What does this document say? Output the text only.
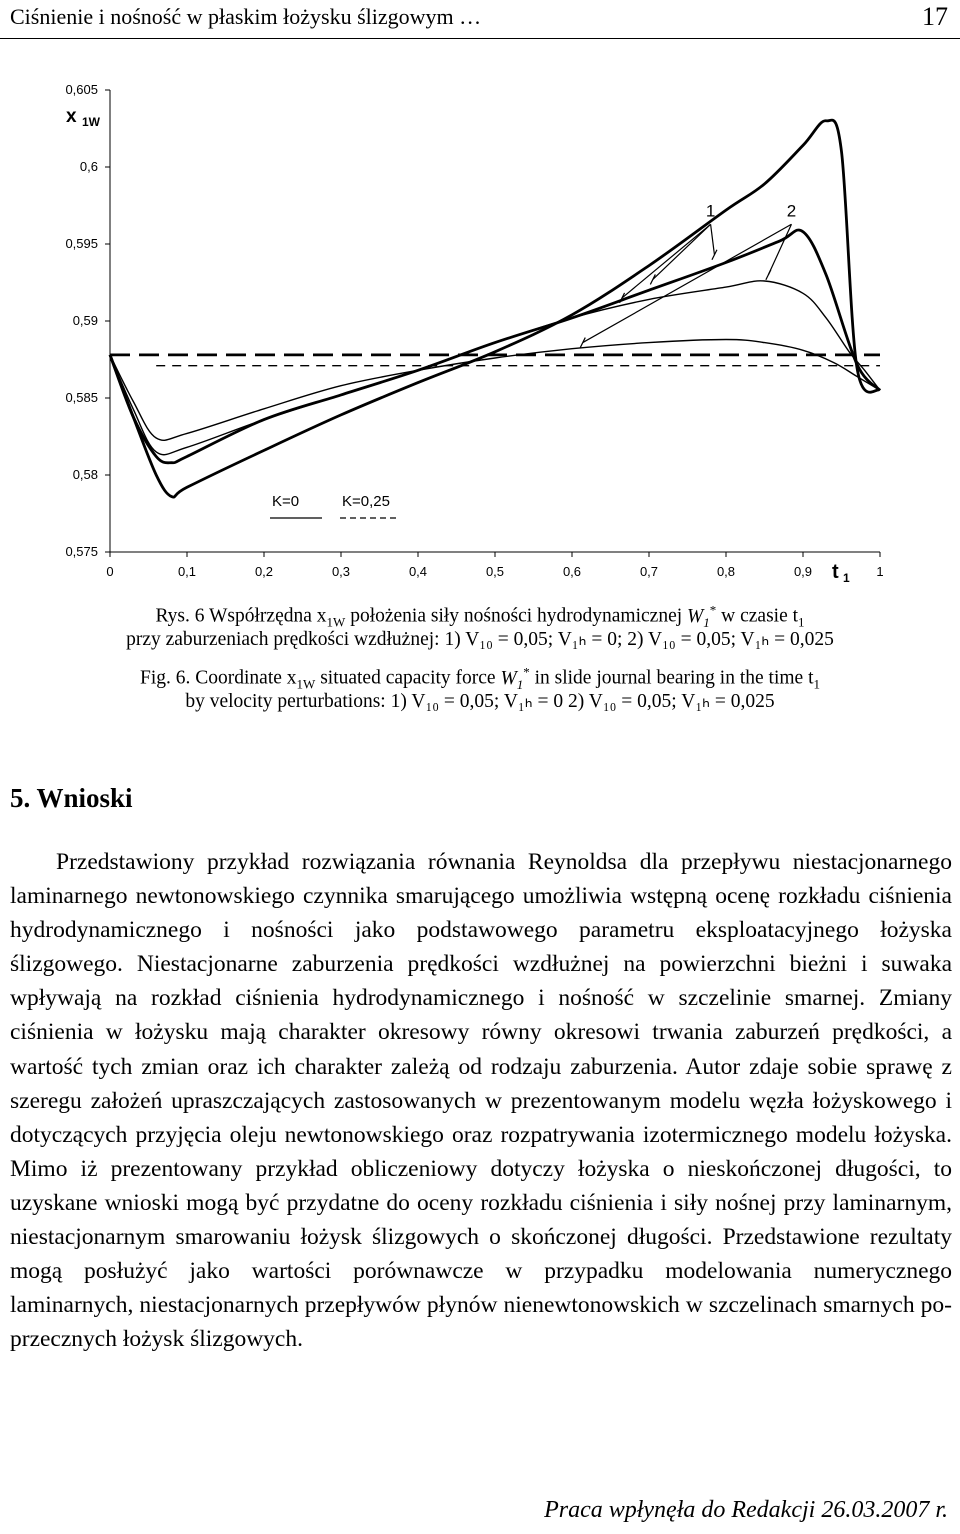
Ciśnienie i nośność w płaskim łożysku ślizgowym …	17
0,575
0,58
0,585
0,59
0,595
0,6
0,605
0	0,1	0,2	0,3	0,4	0,5	0,6	0,7	0,8	0,9	1
x 1W
t 1
1	2
K=0	K=0,25
Rys. 6 Współrzędna $x_{1W}$ położenia siły nośności hydrodynamicznej $W_1^*$ w czasie $t_1$
przy zaburzeniach prędkości wzdłużnej: 1) V₁₀ = 0,05; V₁ₕ = 0; 2) V₁₀ = 0,05; V₁ₕ = 0,025
Fig. 6. Coordinate $x_{1W}$ situated capacity force $W_1^*$ in slide journal bearing in the time $t_1$
by velocity perturbations: 1) V₁₀ = 0,05; V₁ₕ = 0 2) V₁₀ = 0,05; V₁ₕ = 0,025
5. Wnioski
Przedstawiony przykład rozwiązania równania Reynoldsa dla przepływu niestacjonarnego laminarnego newtonowskiego czynnika smarującego umożliwia wstępną ocenę rozkładu ciśnienia hydrodynamicznego i nośności jako podstawowego parametru eksploatacyjnego łożyska ślizgowego. Niestacjonarne zaburzenia prędkości wzdłużnej na powierzchni bieżni i suwaka wpływają na rozkład ciśnienia hydrodynamicznego i nośność w szczelinie smarnej. Zmiany ciśnienia w łożysku mają charakter okresowy równy okresowi trwania zaburzeń prędkości, a wartość tych zmian oraz ich charakter zależą od rodzaju zaburzenia. Autor zdaje sobie sprawę z szeregu założeń upraszczających zastosowanych w prezentowanym modelu węzła łożyskowego i dotyczących przyjęcia oleju newtonowskiego oraz rozpatrywania izotermicznego modelu łożyska. Mimo iż prezentowany przykład obliczeniowy dotyczy łożyska o nieskończonej długości, to uzyskane wnioski mogą być przydatne do oceny rozkładu ciśnienia i siły nośnej przy laminarnym, niestacjonarnym smarowaniu łożysk ślizgowych o skończonej długości. Przedstawione rezultaty mogą posłużyć jako wartości porównawcze w przypadku modelowania numerycznego laminarnych, niestacjonarnych przepływów płynów nienewtonowskich w szczelinach smarnych poprzecznych łożysk ślizgowych.
Praca wpłynęła do Redakcji 26.03.2007 r.
